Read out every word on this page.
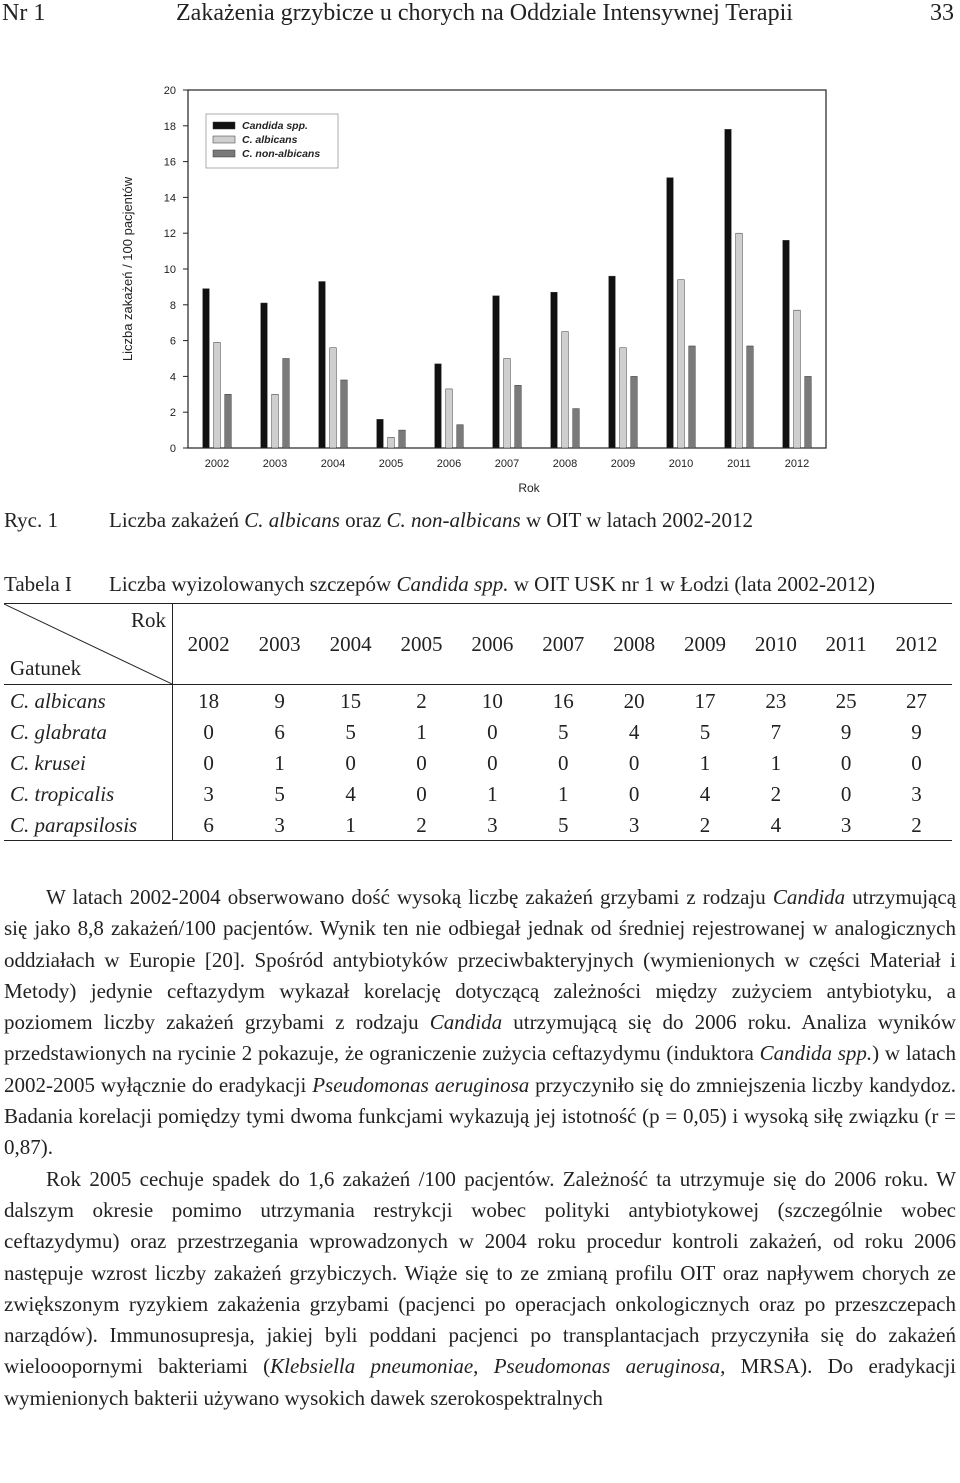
Nr 1	Zakażenia grzybicze u chorych na Oddziale Intensywnej Terapii	33
0
2
4
6
8
10
12
14
16
18
20
Liczba zakażeń / 100 pacjentów
2002	2003	2004	2005	2006	2007	2008	2009	2010	2011	2012
Rok
Candida spp.
C. albicans
C. non-albicans
Ryc. 1 Liczba zakażeń C. albicans oraz C. non-albicans w OIT w latach 2002-2012
Tabela I Liczba wyizolowanych szczepów Candida spp. w OIT USK nr 1 w Łodzi (lata 2002-2012)
Rok
Gatunek	2002	2003	2004	2005	2006	2007	2008	2009	2010	2011	2012
C. albicans	18	9	15	2	10	16	20	17	23	25	27
C. glabrata	0	6	5	1	0	5	4	5	7	9	9
C. krusei	0	1	0	0	0	0	0	1	1	0	0
C. tropicalis	3	5	4	0	1	1	0	4	2	0	3
C. parapsilosis	6	3	1	2	3	5	3	2	4	3	2

W latach 2002-2004 obserwowano dość wysoką liczbę zakażeń grzybami z rodzaju Candida utrzymującą się jako 8,8 zakażeń/100 pacjentów. Wynik ten nie odbiegał jednak od średniej rejestrowanej w analogicznych oddziałach w Europie [20]. Spośród antybiotyków przeciwbakteryjnych (wymienionych w części Materiał i Metody) jedynie ceftazydym wykazał korelację dotyczącą zależności między zużyciem antybiotyku, a poziomem liczby zakażeń grzybami z rodzaju Candida utrzymującą się do 2006 roku. Analiza wyników przedstawionych na rycinie 2 pokazuje, że ograniczenie zużycia ceftazydymu (induktora Candida spp.) w latach 2002-2005 wyłącznie do eradykacji Pseudomonas aeruginosa przyczyniło się do zmniejszenia liczby kandydoz. Badania korelacji pomiędzy tymi dwoma funkcjami wykazują jej istotność (p = 0,05) i wysoką siłę związku (r = 0,87).

Rok 2005 cechuje spadek do 1,6 zakażeń /100 pacjentów. Zależność ta utrzymuje się do 2006 roku. W dalszym okresie pomimo utrzymania restrykcji wobec polityki antybiotykowej (szczególnie wobec ceftazydymu) oraz przestrzegania wprowadzonych w 2004 roku procedur kontroli zakażeń, od roku 2006 następuje wzrost liczby zakażeń grzybiczych. Wiąże się to ze zmianą profilu OIT oraz napływem chorych ze zwiększonym ryzykiem zakażenia grzybami (pacjenci po operacjach onkologicznych oraz po przeszczepach narządów). Immunosupresja, jakiej byli poddani pacjenci po transplantacjach przyczyniła się do zakażeń wielooopornymi bakteriami (Klebsiella pneumoniae, Pseudomonas aeruginosa, MRSA). Do eradykacji wymienionych bakterii używano wysokich dawek szerokospektralnych
